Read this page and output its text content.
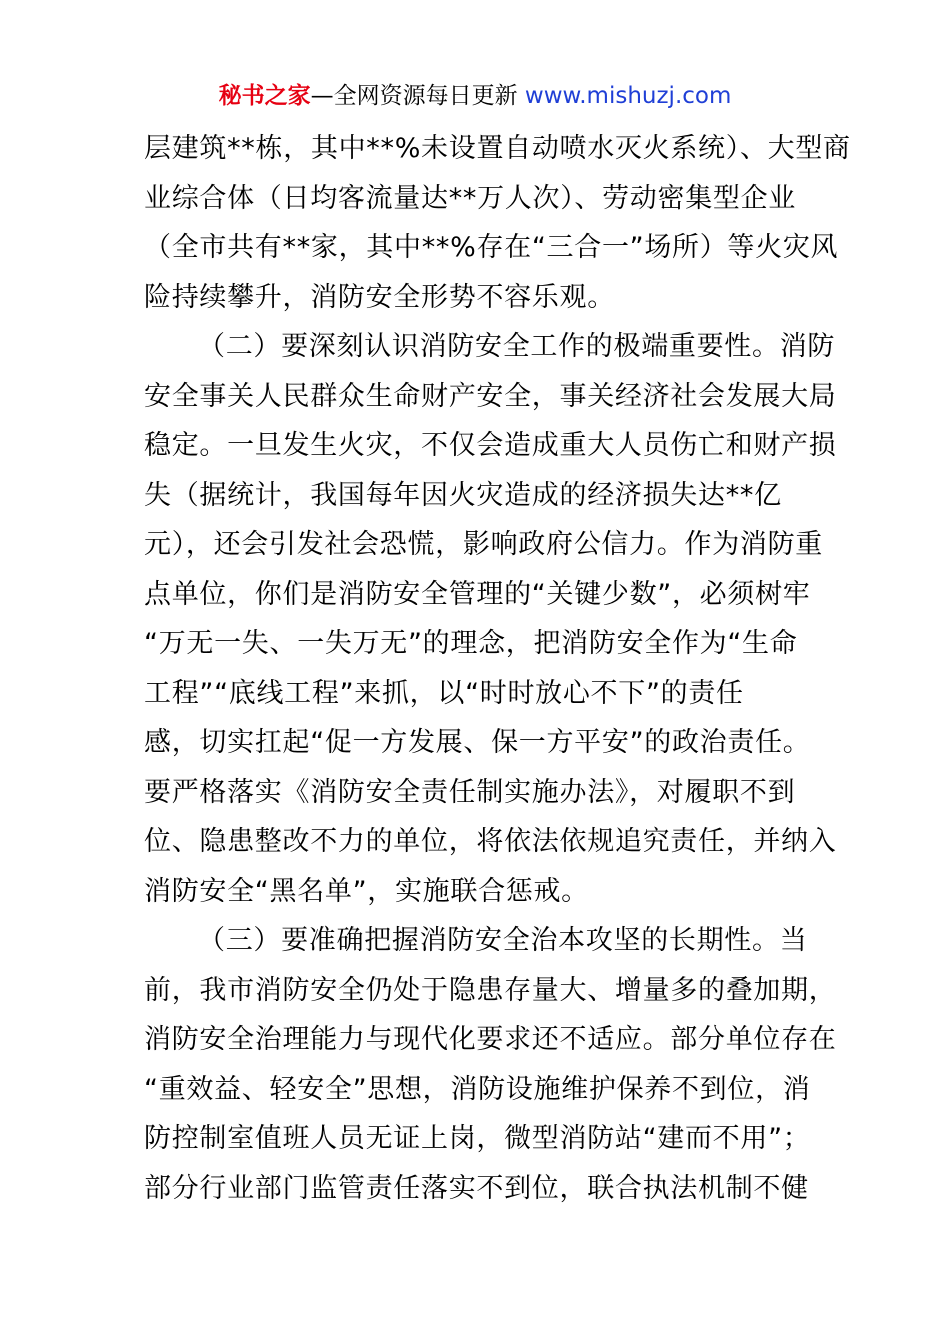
秘书之家—全网资源每日更新 www.mishuzj.com
层建筑**栋，其中**%未设置自动喷水灭火系统）、大型商
业综合体（日均客流量达**万人次）、劳动密集型企业
（全市共有**家，其中**%存在“三合一”场所）等火灾风
险持续攀升，消防安全形势不容乐观。
（二）要深刻认识消防安全工作的极端重要性。消防
安全事关人民群众生命财产安全，事关经济社会发展大局
稳定。一旦发生火灾，不仅会造成重大人员伤亡和财产损
失（据统计，我国每年因火灾造成的经济损失达**亿
元），还会引发社会恐慌，影响政府公信力。作为消防重
点单位，你们是消防安全管理的“关键少数”，必须树牢
“万无一失、一失万无”的理念，把消防安全作为“生命
工程”“底线工程”来抓，以“时时放心不下”的责任
感，切实扛起“促一方发展、保一方平安”的政治责任。
要严格落实《消防安全责任制实施办法》，对履职不到
位、隐患整改不力的单位，将依法依规追究责任，并纳入
消防安全“黑名单”，实施联合惩戒。
（三）要准确把握消防安全治本攻坚的长期性。当
前，我市消防安全仍处于隐患存量大、增量多的叠加期，
消防安全治理能力与现代化要求还不适应。部分单位存在
“重效益、轻安全”思想，消防设施维护保养不到位，消
防控制室值班人员无证上岗，微型消防站“建而不用”；
部分行业部门监管责任落实不到位，联合执法机制不健
